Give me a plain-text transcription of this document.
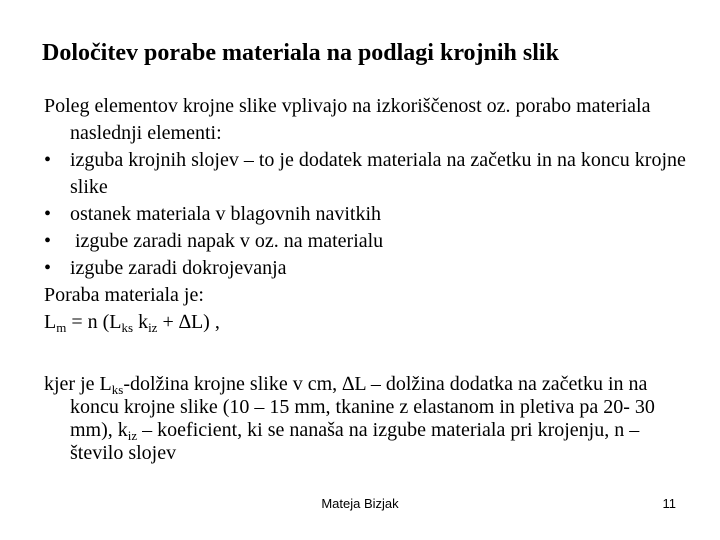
Določitev porabe materiala na podlagi krojnih slik

Poleg elementov krojne slike vplivajo na izkoriščenost oz. porabo materiala naslednji elementi:

• izguba krojnih slojev – to je dodatek materiala na začetku in na koncu krojne slike
• ostanek materiala v blagovnih navitkih
• izgube zaradi napak v oz. na materialu
• izgube zaradi dokrojevanja

Poraba materiala je:

$L_m = n$ ($L_{ks}$ $k_{iz} + \Delta L$) ,

kjer je $L_{ks}$-dolžina krojne slike v cm, ∆L – dolžina dodatka na začetku in na koncu krojne slike (10 – 15 mm, tkanine z elastanom in pletiva pa 20- 30 mm), $k_{iz}$ – koeficient, ki se nanaša na izgube materiala pri krojenju, n – število slojev

Mateja Bizjak	11
